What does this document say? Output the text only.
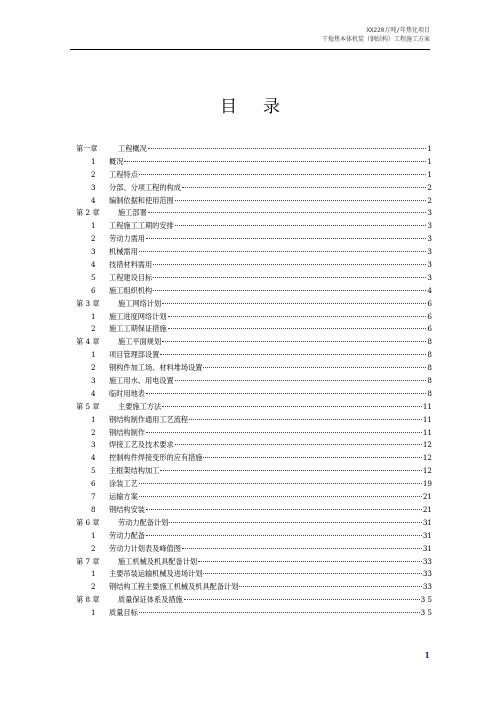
XX220万吨/年焦化项目
干熄焦本体机装（钢结构）工程施工方案
目录
第一章	工程概况	1
1	概况	1
2	工程特点	1
3	分部、分项工程的构成	2
4	编制依据和使用范围	2
第 2 章	施工部署	3
1	工程施工工期的安排	3
2	劳动力需用	3
3	机械需用	3
4	技措材料需用	3
5	工程建设目标	3
6	施工组织机构	4
第 3 章	施工网络计划	6
1	施工进度网络计划	6
2	施工工期保证措施	6
第 4 章	施工平面规划	8
1	项目管理部设置	8
2	钢构件加工场、材料堆场设置	8
3	施工用水、用电设置	8
4	临时用地表	8
第 5 章	主要施工方法	11
1	钢结构制作通用工艺流程	11
2	钢结构制作	11
3	焊接工艺及技术要求	12
4	控制构件焊接变形的应有措施	12
5	主框架结构加工	12
6	涂装工艺	19
7	运输方案	21
8	钢结构安装	21
第 6 章	劳动力配备计划	31
1	劳动力配备	31
2	劳动力计划表及峰值图	31
第 7 章	施工机械及机具配备计划	33
1	主要吊装运输机械及进场计划	33
2	钢结构工程主要施工机械及机具配备计划	33
第 8 章	质量保证体系及措施	3 5
1	质量目标	3 5
1
